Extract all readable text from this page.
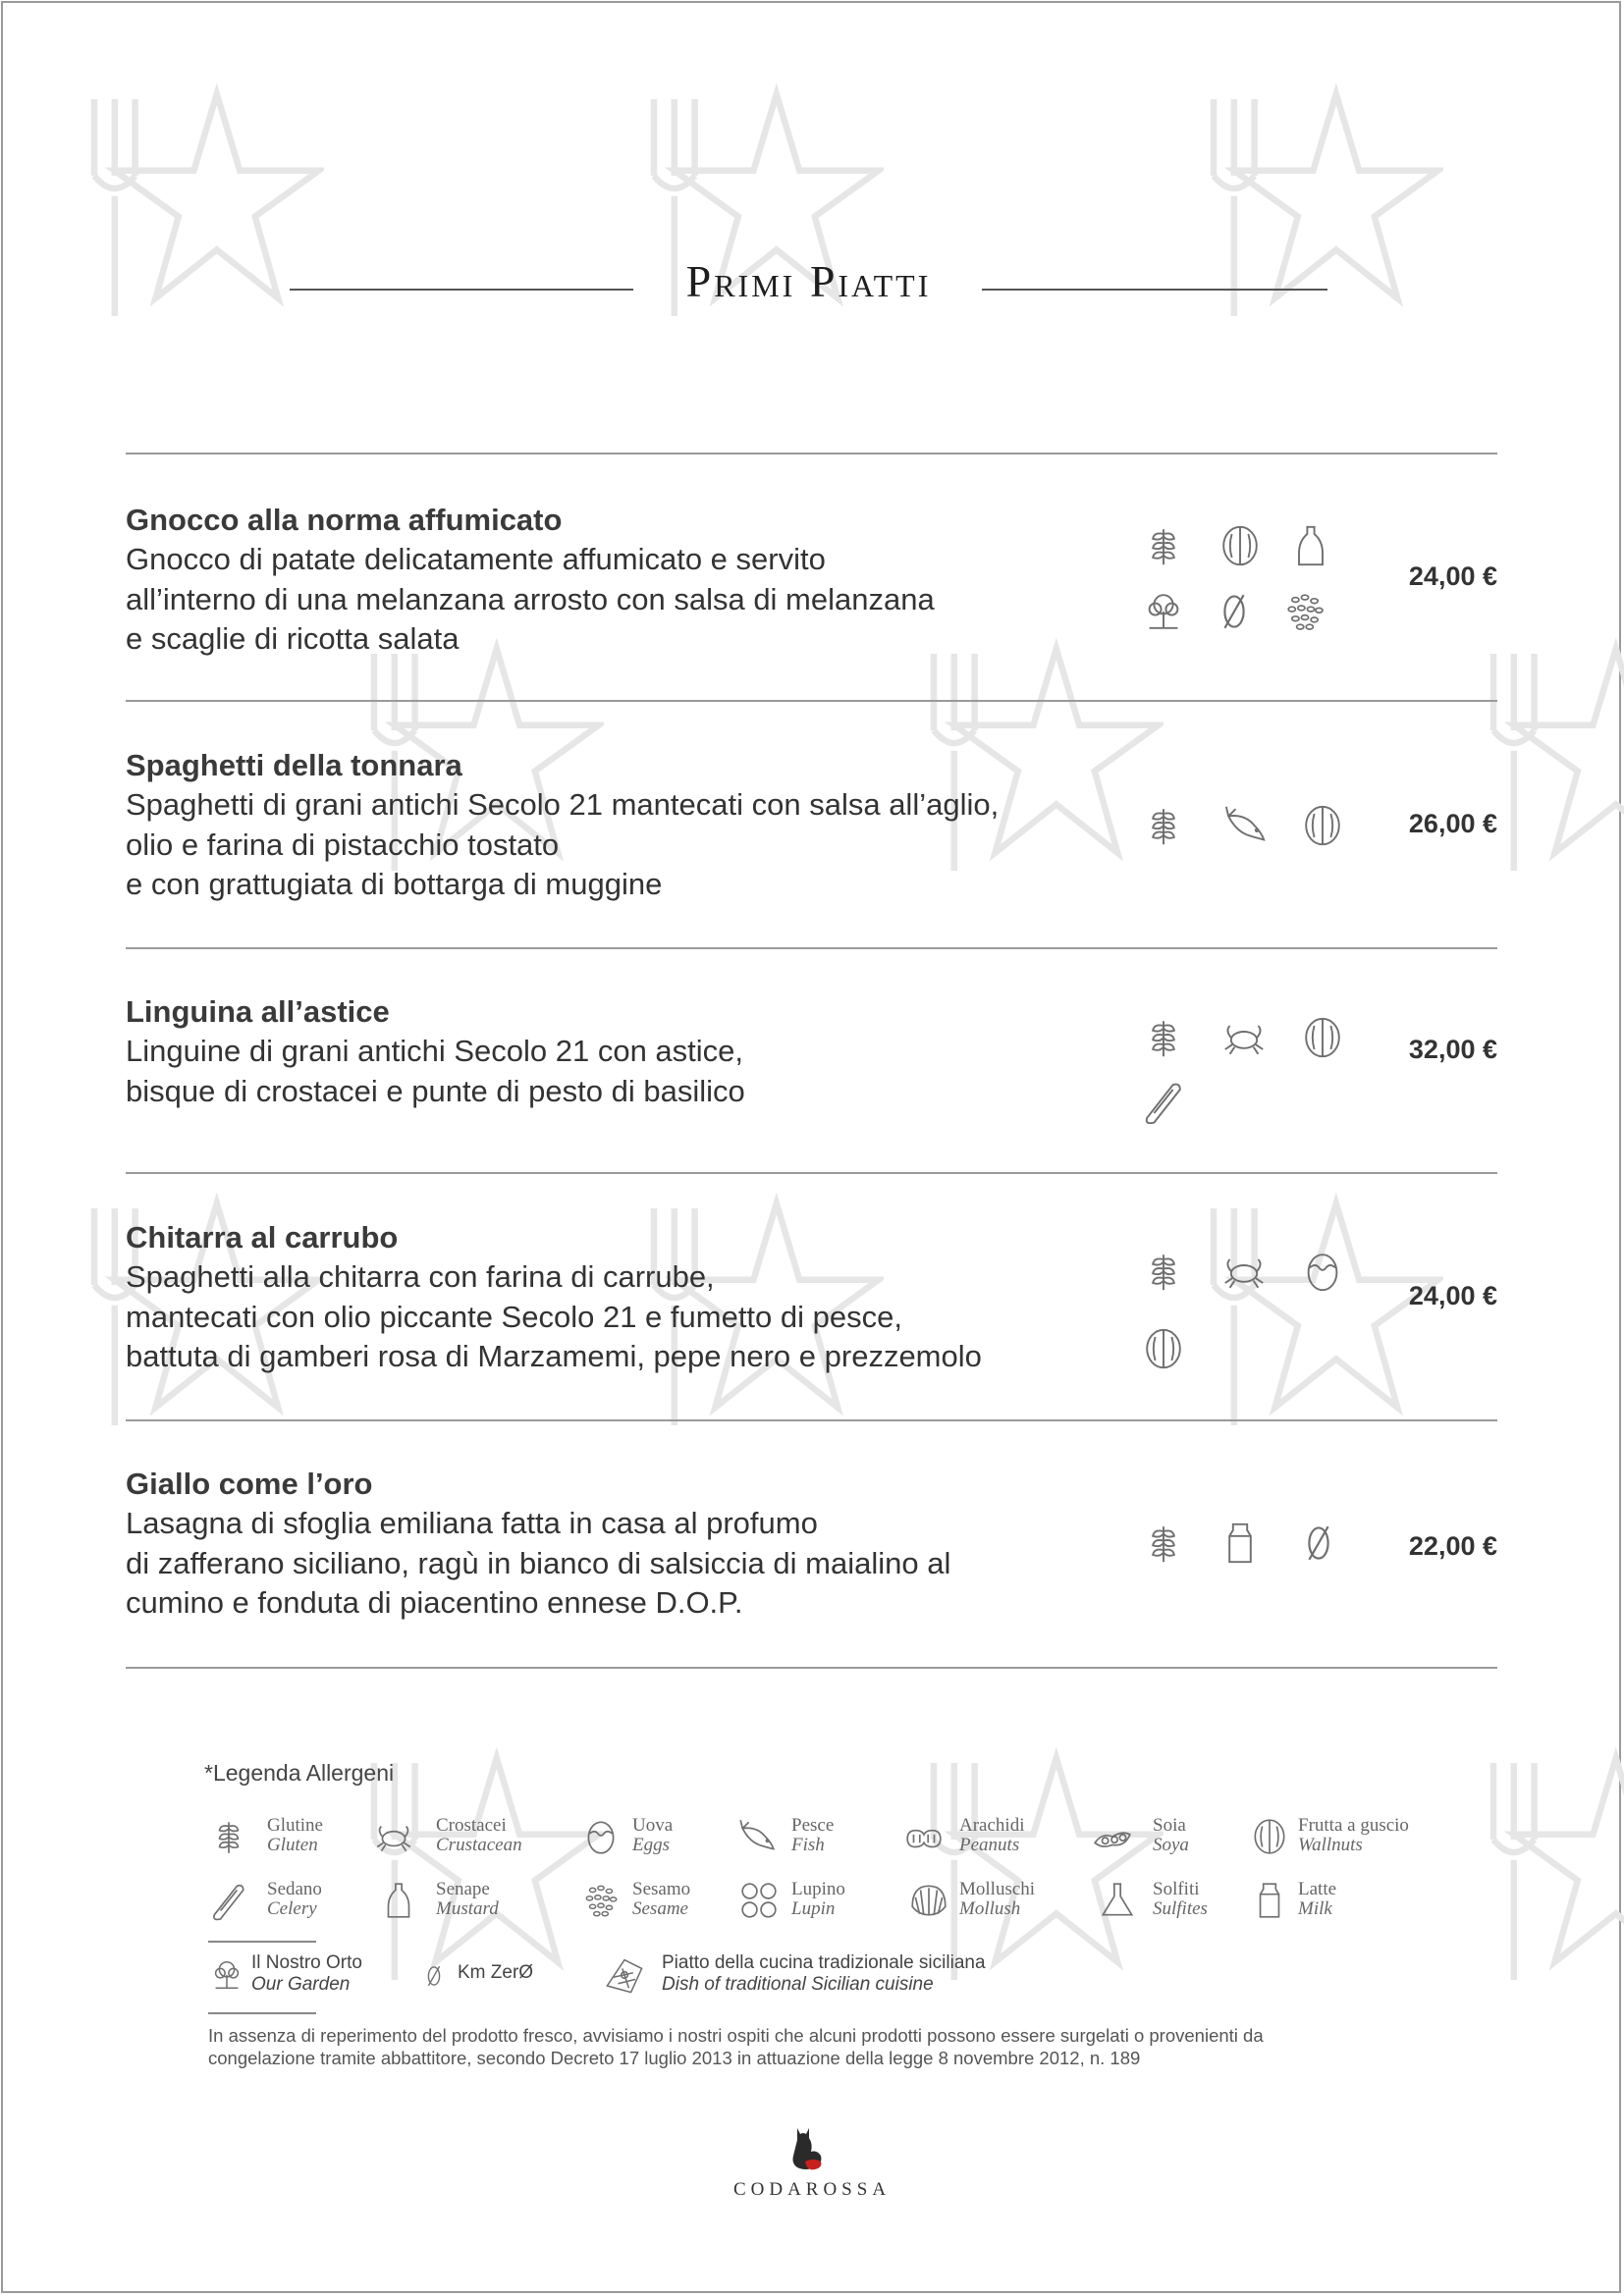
Primi Piatti
Gnocco alla norma affumicato
Gnocco di patate delicatamente affumicato e servito
all’interno di una melanzana arrosto con salsa di melanzana
e scaglie di ricotta salata
24,00 €
Spaghetti della tonnara
Spaghetti di grani antichi Secolo 21 mantecati con salsa all’aglio,
olio e farina di pistacchio tostato
e con grattugiata di bottarga di muggine
26,00 €
Linguina all’astice
Linguine di grani antichi Secolo 21 con astice,
bisque di crostacei e punte di pesto di basilico
32,00 €
Chitarra al carrubo
Spaghetti alla chitarra con farina di carrube,
mantecati con olio piccante Secolo 21 e fumetto di pesce,
battuta di gamberi rosa di Marzamemi, pepe nero e prezzemolo
24,00 €
Giallo come l’oro
Lasagna di sfoglia emiliana fatta in casa al profumo
di zafferano siciliano, ragù in bianco di salsiccia di maialino al
cumino e fonduta di piacentino ennese D.O.P.
22,00 €
*Legenda Allergeni
Glutine
Gluten
Crostacei
Crustacean
Uova
Eggs
Pesce
Fish
Arachidi
Peanuts
Soia
Soya
Frutta a guscio
Wallnuts
Sedano
Celery
Senape
Mustard
Sesamo
Sesame
Lupino
Lupin
Molluschi
Mollush
Solfiti
Sulfites
Latte
Milk
Il Nostro Orto
Our Garden
Km ZerØ	Piatto della cucina tradizionale siciliana
Dish of traditional Sicilian cuisine
In assenza di reperimento del prodotto fresco, avvisiamo i nostri ospiti che alcuni prodotti possono essere surgelati o provenienti da
congelazione tramite abbattitore, secondo Decreto 17 luglio 2013 in attuazione della legge 8 novembre 2012, n. 189
CODAROSSA
